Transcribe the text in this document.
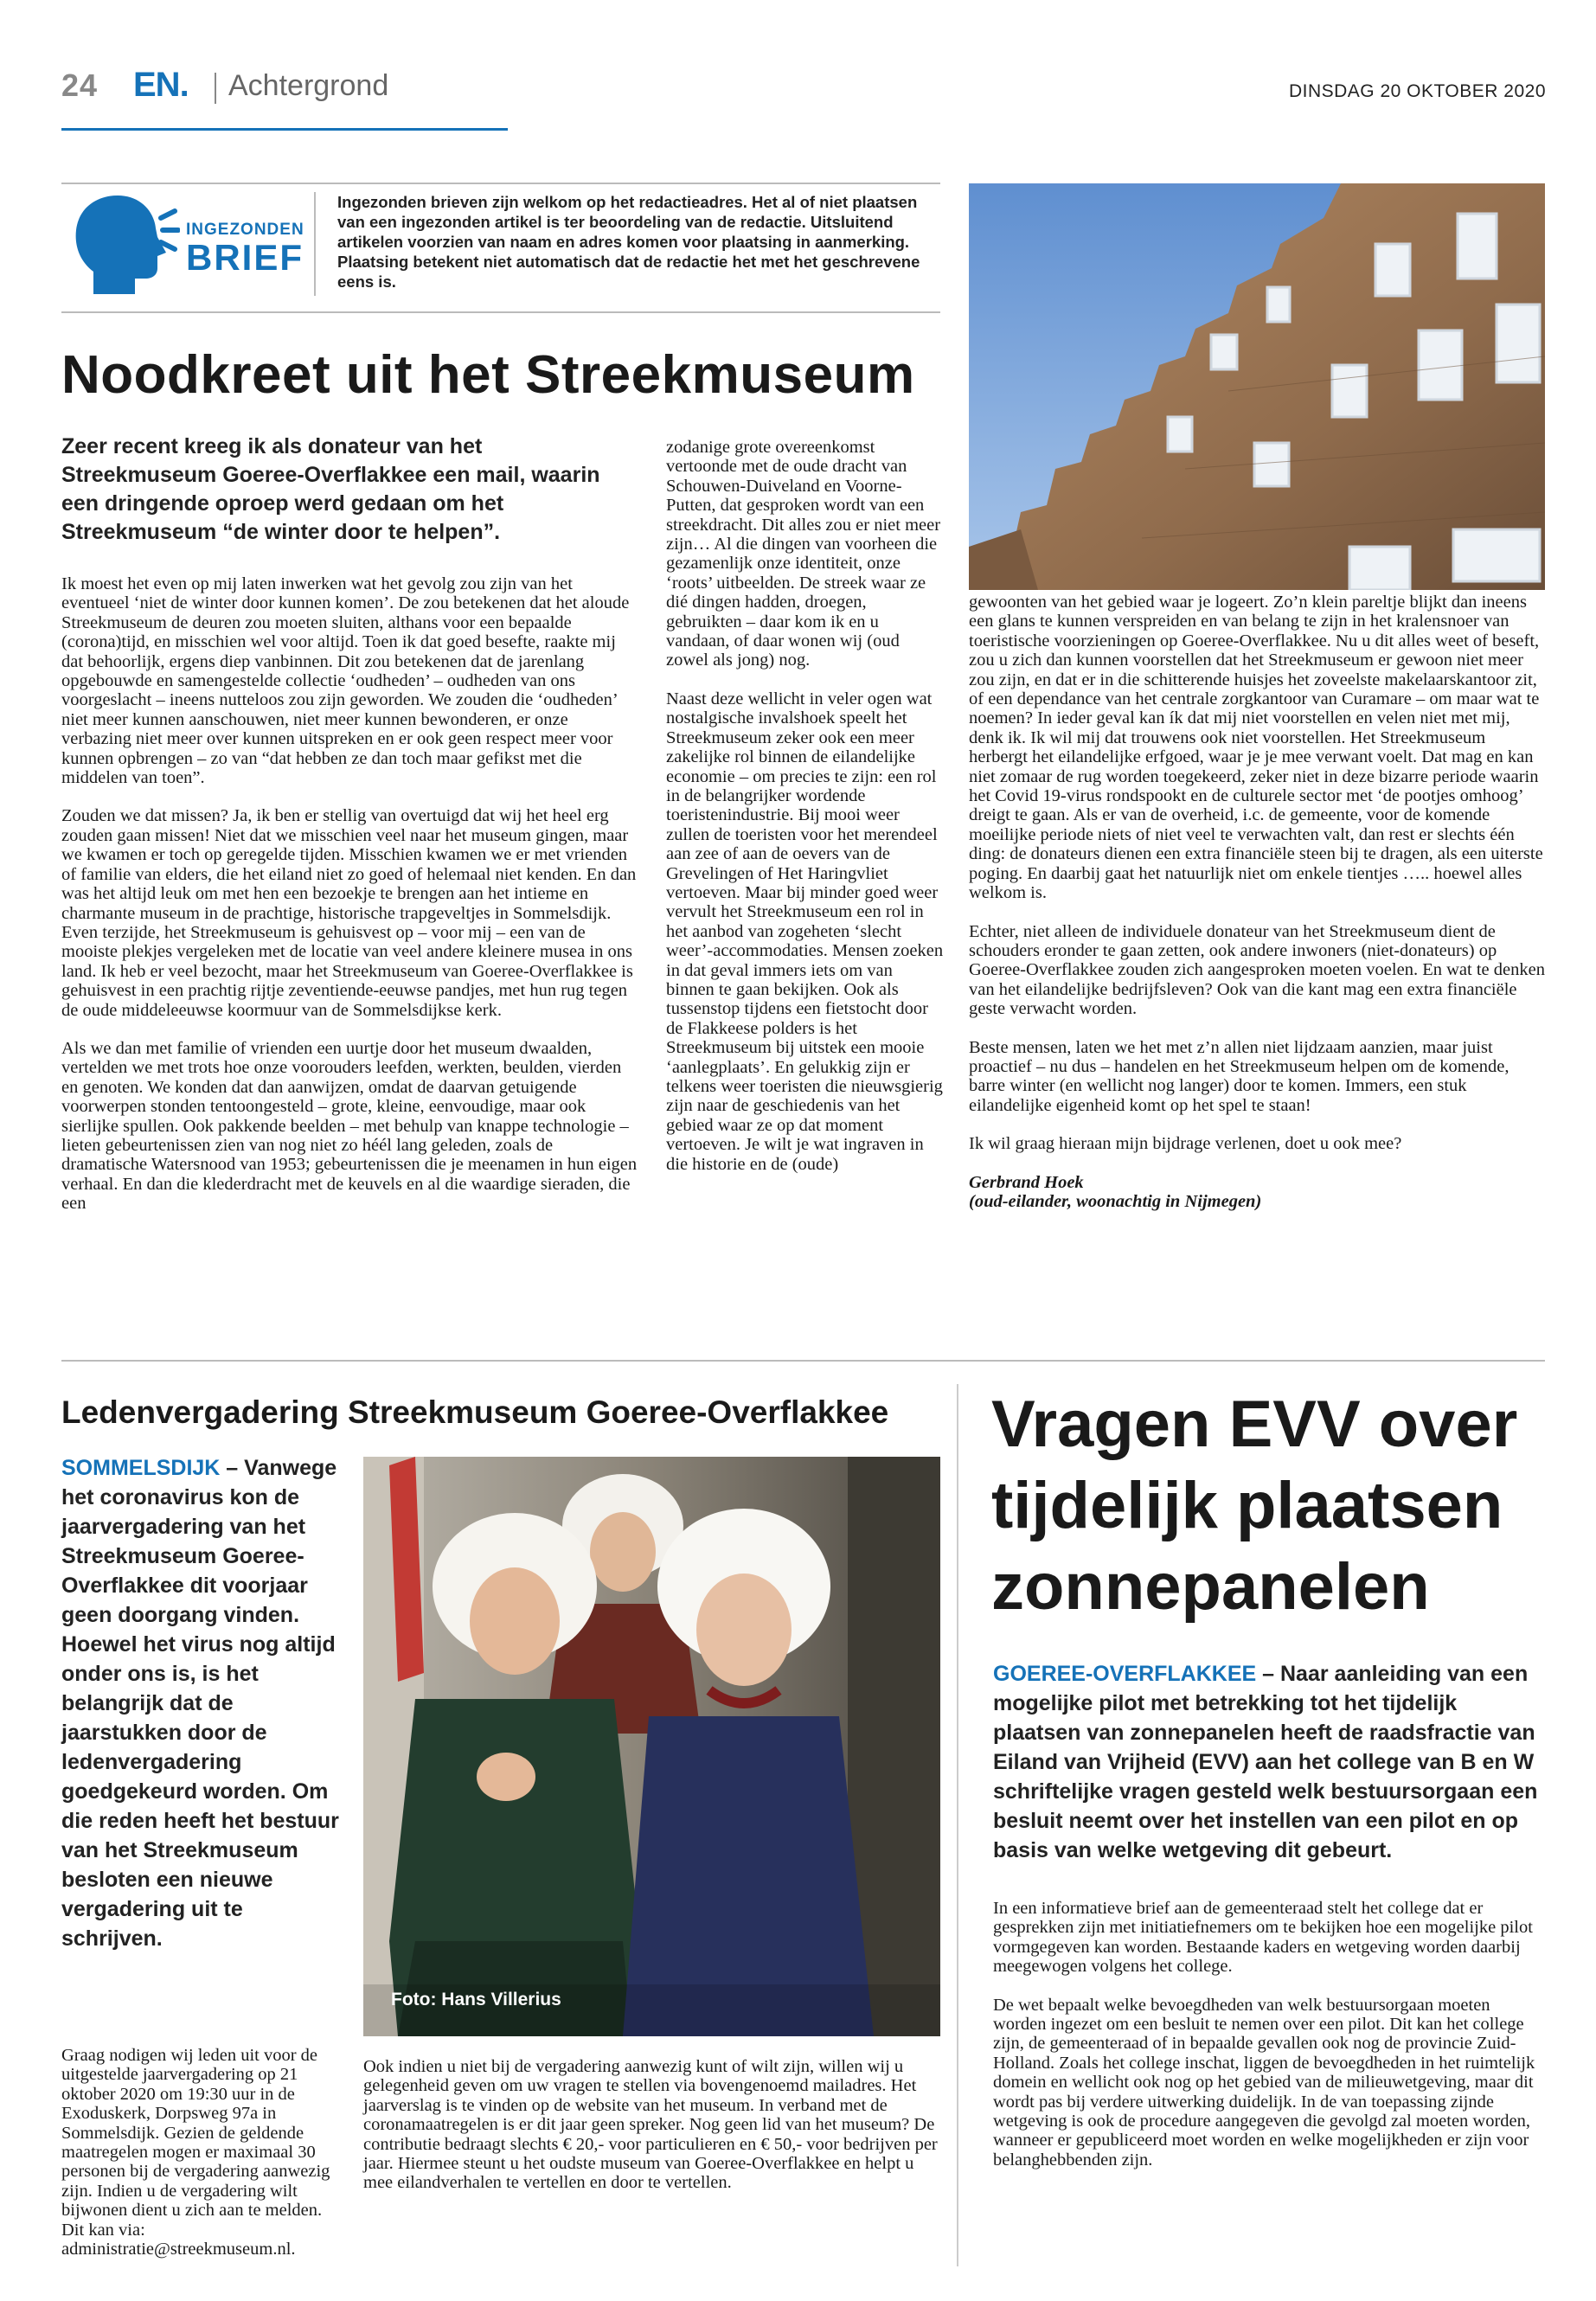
24 EN. Achtergrond	DINSDAG 20 OKTOBER 2020
INGEZONDEN
BRIEF
Ingezonden brieven zijn welkom op het redactieadres. Het al of niet plaatsen van een ingezonden artikel is ter beoordeling van de redactie. Uitsluitend artikelen voorzien van naam en adres komen voor plaatsing in aanmerking. Plaatsing betekent niet automatisch dat de redactie het met het geschrevene eens is.
Noodkreet uit het Streekmuseum
Zeer recent kreeg ik als donateur van het Streekmuseum Goeree-Overflakkee een mail, waarin een dringende oproep werd gedaan om het Streekmuseum “de winter door te helpen”.

Ik moest het even op mij laten inwerken wat het gevolg zou zijn van het eventueel ‘niet de winter door kunnen komen’. De zou betekenen dat het aloude Streekmuseum de deuren zou moeten sluiten, althans voor een bepaalde (corona)tijd, en misschien wel voor altijd. Toen ik dat goed besefte, raakte mij dat behoorlijk, ergens diep vanbinnen. Dit zou betekenen dat de jarenlang opgebouwde en samengestelde collectie ‘oudheden’ – oudheden van ons voorgeslacht – ineens nutteloos zou zijn geworden. We zouden die ‘oudheden’ niet meer kunnen aanschouwen, niet meer kunnen bewonderen, er onze verbazing niet meer over kunnen uitspreken en er ook geen respect meer voor kunnen opbrengen – zo van “dat hebben ze dan toch maar gefikst met die middelen van toen”.

Zouden we dat missen? Ja, ik ben er stellig van overtuigd dat wij het heel erg zouden gaan missen! Niet dat we misschien veel naar het museum gingen, maar we kwamen er toch op geregelde tijden. Misschien kwamen we er met vrienden of familie van elders, die het eiland niet zo goed of helemaal niet kenden. En dan was het altijd leuk om met hen een bezoekje te brengen aan het intieme en charmante museum in de prachtige, historische trapgeveltjes in Sommelsdijk. Even terzijde, het Streekmuseum is gehuisvest op – voor mij – een van de mooiste plekjes vergeleken met de locatie van veel andere kleinere musea in ons land. Ik heb er veel bezocht, maar het Streekmuseum van Goeree-Overflakkee is gehuisvest in een prachtig rijtje zeventiende-eeuwse pandjes, met hun rug tegen de oude middeleeuwse koormuur van de Sommelsdijkse kerk.

Als we dan met familie of vrienden een uurtje door het museum dwaalden, vertelden we met trots hoe onze voorouders leefden, werkten, beulden, vierden en genoten. We konden dat dan aanwijzen, omdat de daarvan getuigende voorwerpen stonden tentoongesteld – grote, kleine, eenvoudige, maar ook sierlijke spullen. Ook pakkende beelden – met behulp van knappe technologie – lieten gebeurtenissen zien van nog niet zo héél lang geleden, zoals de dramatische Watersnood van 1953; gebeurtenissen die je meenamen in hun eigen verhaal. En dan die klederdracht met de keuvels en al die waardige sieraden, die een

zodanige grote overeenkomst vertoonde met de oude dracht van Schouwen-Duiveland en Voorne-Putten, dat gesproken wordt van een streekdracht. Dit alles zou er niet meer zijn… Al die dingen van voorheen die gezamenlijk onze identiteit, onze ‘roots’ uitbeelden. De streek waar ze dié dingen hadden, droegen, gebruikten – daar kom ik en u vandaan, of daar wonen wij (oud zowel als jong) nog.

Naast deze wellicht in veler ogen wat nostalgische invalshoek speelt het Streekmuseum zeker ook een meer zakelijke rol binnen de eilandelijke economie – om precies te zijn: een rol in de belangrijker wordende toeristenindustrie. Bij mooi weer zullen de toeristen voor het merendeel aan zee of aan de oevers van de Grevelingen of Het Haringvliet vertoeven. Maar bij minder goed weer vervult het Streekmuseum een rol in het aanbod van zogeheten ‘slecht weer’-accommodaties. Mensen zoeken in dat geval immers iets om van binnen te gaan bekijken. Ook als tussenstop tijdens een fietstocht door de Flakkeese polders is het Streekmuseum bij uitstek een mooie ‘aanlegplaats’. En gelukkig zijn er telkens weer toeristen die nieuwsgierig zijn naar de geschiedenis van het gebied waar ze op dat moment vertoeven. Je wilt je wat ingraven in die historie en de (oude)

gewoonten van het gebied waar je logeert. Zo’n klein pareltje blijkt dan ineens een glans te kunnen verspreiden en van belang te zijn in het kralensnoer van toeristische voorzieningen op Goeree-Overflakkee. Nu u dit alles weet of beseft, zou u zich dan kunnen voorstellen dat het Streekmuseum er gewoon niet meer zou zijn, en dat er in die schitterende huisjes het zoveelste makelaarskantoor zit, of een dependance van het centrale zorgkantoor van Curamare – om maar wat te noemen? In ieder geval kan ík dat mij niet voorstellen en velen niet met mij, denk ik. Ik wil mij dat trouwens ook niet voorstellen. Het Streekmuseum herbergt het eilandelijke erfgoed, waar je je mee verwant voelt. Dat mag en kan niet zomaar de rug worden toegekeerd, zeker niet in deze bizarre periode waarin het Covid 19-virus rondspookt en de culturele sector met ‘de pootjes omhoog’ dreigt te gaan. Als er van de overheid, i.c. de gemeente, voor de komende moeilijke periode niets of niet veel te verwachten valt, dan rest er slechts één ding: de donateurs dienen een extra financiële steen bij te dragen, als een uiterste poging. En daarbij gaat het natuurlijk niet om enkele tientjes ….. hoewel alles welkom is.

Echter, niet alleen de individuele donateur van het Streekmuseum dient de schouders eronder te gaan zetten, ook andere inwoners (niet-donateurs) op Goeree-Overflakkee zouden zich aangesproken moeten voelen. En wat te denken van het eilandelijke bedrijfsleven? Ook van die kant mag een extra financiële geste verwacht worden.

Beste mensen, laten we het met z’n allen niet lijdzaam aanzien, maar juist proactief – nu dus – handelen en het Streekmuseum helpen om de komende, barre winter (en wellicht nog langer) door te komen. Immers, een stuk eilandelijke eigenheid komt op het spel te staan!

Ik wil graag hieraan mijn bijdrage verlenen, doet u ook mee?

Gerbrand Hoek
(oud-eilander, woonachtig in Nijmegen)
Ledenvergadering Streekmuseum Goeree-Overflakkee
SOMMELSDIJK – Vanwege het coronavirus kon de jaarvergadering van het Streekmuseum Goeree-Overflakkee dit voorjaar geen doorgang vinden. Hoewel het virus nog altijd onder ons is, is het belangrijk dat de jaarstukken door de ledenvergadering goedgekeurd worden. Om die reden heeft het bestuur van het Streekmuseum besloten een nieuwe vergadering uit te schrijven.
Foto: Hans Villerius
Graag nodigen wij leden uit voor de uitgestelde jaarvergadering op 21 oktober 2020 om 19:30 uur in de Exoduskerk, Dorpsweg 97a in Sommelsdijk. Gezien de geldende maatregelen mogen er maximaal 30 personen bij de vergadering aanwezig zijn. Indien u de vergadering wilt bijwonen dient u zich aan te melden. Dit kan via: administratie@streekmuseum.nl.
Ook indien u niet bij de vergadering aanwezig kunt of wilt zijn, willen wij u gelegenheid geven om uw vragen te stellen via bovengenoemd mailadres. Het jaarverslag is te vinden op de website van het museum. In verband met de coronamaatregelen is er dit jaar geen spreker. Nog geen lid van het museum? De contributie bedraagt slechts € 20,- voor particulieren en € 50,- voor bedrijven per jaar. Hiermee steunt u het oudste museum van Goeree-Overflakkee en helpt u mee eilandverhalen te vertellen en door te vertellen.
Vragen EVV over tijdelijk plaatsen zonnepanelen
GOEREE-OVERFLAKKEE – Naar aanleiding van een mogelijke pilot met betrekking tot het tijdelijk plaatsen van zonnepanelen heeft de raadsfractie van Eiland van Vrijheid (EVV) aan het college van B en W schriftelijke vragen gesteld welk bestuursorgaan een besluit neemt over het instellen van een pilot en op basis van welke wetgeving dit gebeurt.

In een informatieve brief aan de gemeenteraad stelt het college dat er gesprekken zijn met initiatiefnemers om te bekijken hoe een mogelijke pilot vormgegeven kan worden. Bestaande kaders en wetgeving worden daarbij meegewogen volgens het college.

De wet bepaalt welke bevoegdheden van welk bestuursorgaan moeten worden ingezet om een besluit te nemen over een pilot. Dit kan het college zijn, de gemeenteraad of in bepaalde gevallen ook nog de provincie Zuid-Holland. Zoals het college inschat, liggen de bevoegdheden in het ruimtelijk domein en wellicht ook nog op het gebied van de milieuwetgeving, maar dit wordt pas bij verdere uitwerking duidelijk. In de van toepassing zijnde wetgeving is ook de procedure aangegeven die gevolgd zal moeten worden, wanneer er gepubliceerd moet worden en welke mogelijkheden er zijn voor belanghebbenden zijn.
